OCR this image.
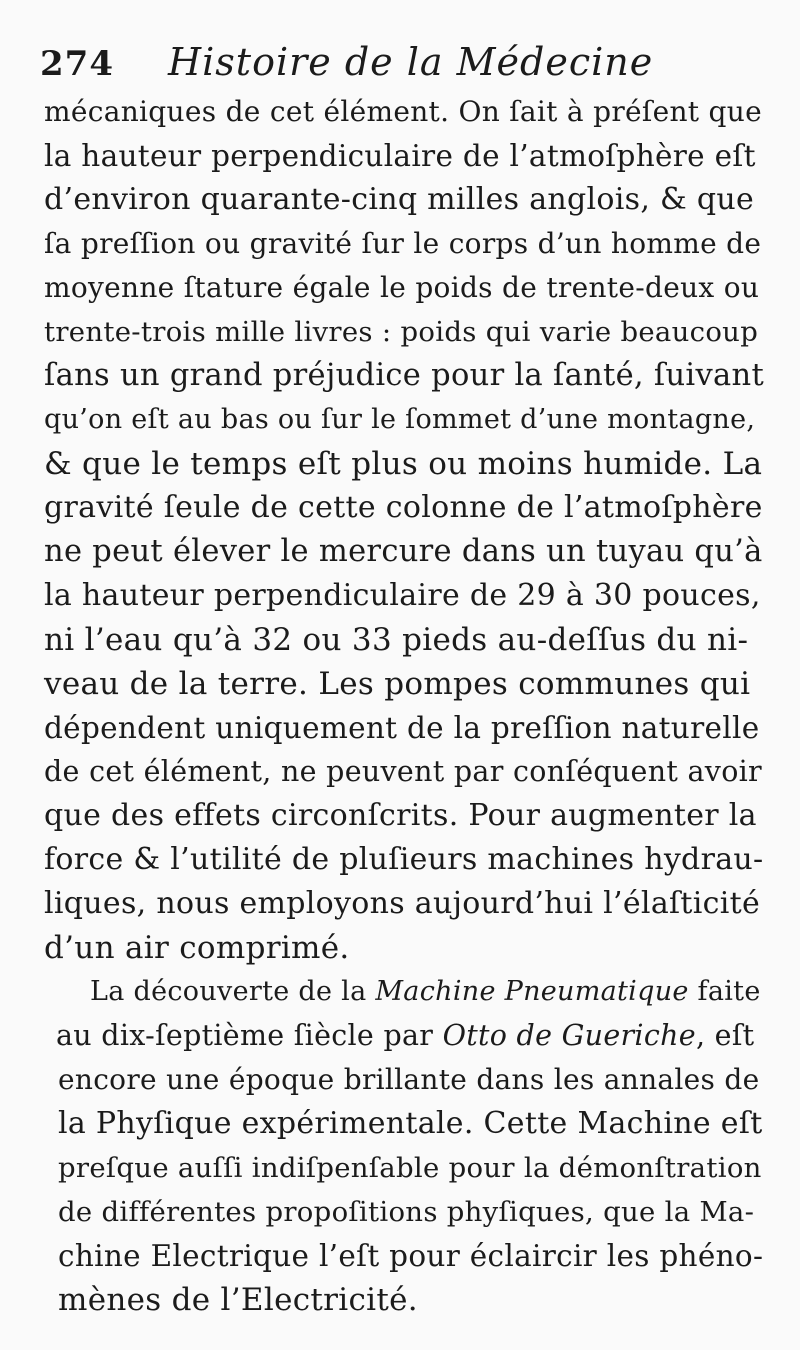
274 Histoire de la Médecine
mécaniques de cet élément. On ſait à préſent que
la hauteur perpendiculaire de l’atmoſphère eſt
d’environ quarante-cinq milles anglois, & que
ſa preſſion ou gravité ſur le corps d’un homme de
moyenne ſtature égale le poids de trente-deux ou
trente-trois mille livres : poids qui varie beaucoup
ſans un grand préjudice pour la ſanté, ſuivant
qu’on eſt au bas ou ſur le ſommet d’une montagne,
& que le temps eſt plus ou moins humide. La
gravité ſeule de cette colonne de l’atmoſphère
ne peut élever le mercure dans un tuyau qu’à
la hauteur perpendiculaire de 29 à 30 pouces,
ni l’eau qu’à 32 ou 33 pieds au-deſſus du ni-
veau de la terre. Les pompes communes qui
dépendent uniquement de la preſſion naturelle
de cet élément, ne peuvent par conſéquent avoir
que des effets circonſcrits. Pour augmenter la
force & l’utilité de pluſieurs machines hydrau-
liques, nous employons aujourd’hui l’élaſticité
d’un air comprimé.
La découverte de la Machine Pneumatique faite
au dix-ſeptième ſiècle par Otto de Gueriche, eſt
encore une époque brillante dans les annales de
la Phyſique expérimentale. Cette Machine eſt
preſque auſſi indiſpenſable pour la démonſtration
de différentes propoſitions phyſiques, que la Ma-
chine Electrique l’eſt pour éclaircir les phéno-
mènes de l’Electricité.
